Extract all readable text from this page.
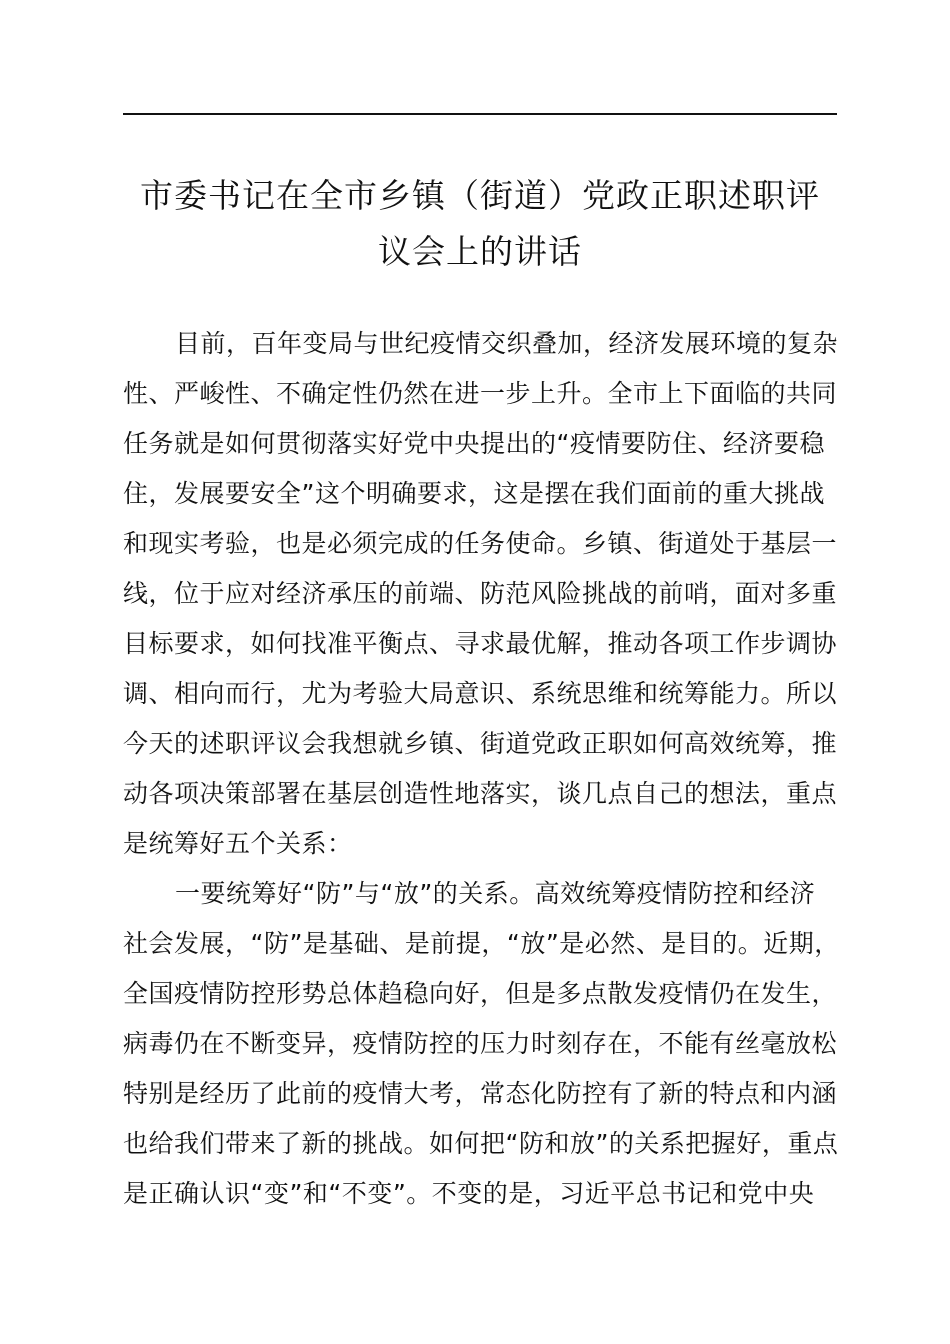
市委书记在全市乡镇（街道）党政正职述职评
议会上的讲话
目前，百年变局与世纪疫情交织叠加，经济发展环境的复杂
性、严峻性、不确定性仍然在进一步上升。全市上下面临的共同
任务就是如何贯彻落实好党中央提出的“疫情要防住、经济要稳
住，发展要安全”这个明确要求，这是摆在我们面前的重大挑战
和现实考验，也是必须完成的任务使命。乡镇、街道处于基层一
线，位于应对经济承压的前端、防范风险挑战的前哨，面对多重
目标要求，如何找准平衡点、寻求最优解，推动各项工作步调协
调、相向而行，尤为考验大局意识、系统思维和统筹能力。所以
今天的述职评议会我想就乡镇、街道党政正职如何高效统筹，推
动各项决策部署在基层创造性地落实，谈几点自己的想法，重点
是统筹好五个关系：
一要统筹好“防”与“放”的关系。高效统筹疫情防控和经济
社会发展，“防”是基础、是前提，“放”是必然、是目的。近期，
全国疫情防控形势总体趋稳向好，但是多点散发疫情仍在发生，
病毒仍在不断变异，疫情防控的压力时刻存在，不能有丝毫放松
特别是经历了此前的疫情大考，常态化防控有了新的特点和内涵
也给我们带来了新的挑战。如何把“防和放”的关系把握好，重点
是正确认识“变”和“不变”。不变的是，习近平总书记和党中央
